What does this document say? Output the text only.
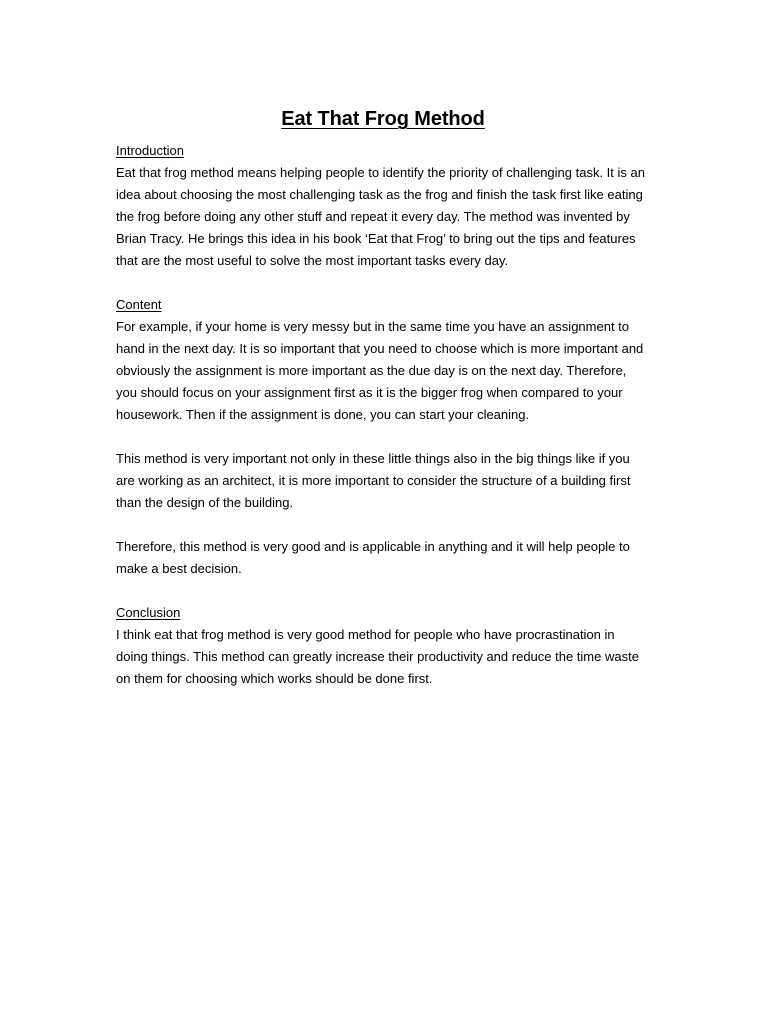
Eat That Frog Method
Introduction

Eat that frog method means helping people to identify the priority of challenging task. It is an idea about choosing the most challenging task as the frog and finish the task first like eating the frog before doing any other stuff and repeat it every day. The method was invented by Brian Tracy. He brings this idea in his book ‘Eat that Frog’ to bring out the tips and features that are the most useful to solve the most important tasks every day.

Content

For example, if your home is very messy but in the same time you have an assignment to hand in the next day. It is so important that you need to choose which is more important and obviously the assignment is more important as the due day is on the next day. Therefore, you should focus on your assignment first as it is the bigger frog when compared to your housework. Then if the assignment is done, you can start your cleaning.

This method is very important not only in these little things also in the big things like if you are working as an architect, it is more important to consider the structure of a building first than the design of the building.

Therefore, this method is very good and is applicable in anything and it will help people to make a best decision.

Conclusion

I think eat that frog method is very good method for people who have procrastination in doing things. This method can greatly increase their productivity and reduce the time waste on them for choosing which works should be done first.
